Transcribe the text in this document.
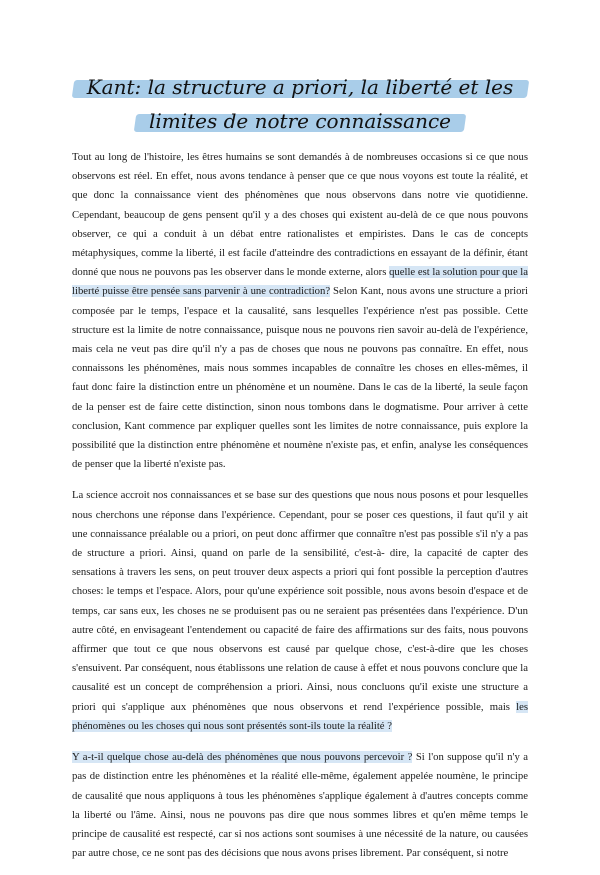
Kant: la structure a priori, la liberté et les

limites de notre connaissance

Tout au long de l'histoire, les êtres humains se sont demandés à de nombreuses occasions si ce que nous observons est réel. En effet, nous avons tendance à penser que ce que nous voyons est toute la réalité, et que donc la connaissance vient des phénomènes que nous observons dans notre vie quotidienne. Cependant, beaucoup de gens pensent qu'il y a des choses qui existent au-delà de ce que nous pouvons observer, ce qui a conduit à un débat entre rationalistes et empiristes. Dans le cas de concepts métaphysiques, comme la liberté, il est facile d'atteindre des contradictions en essayant de la définir, étant donné que nous ne pouvons pas les observer dans le monde externe, alors quelle est la solution pour que la liberté puisse être pensée sans parvenir à une contradiction? Selon Kant, nous avons une structure a priori composée par le temps, l'espace et la causalité, sans lesquelles l'expérience n'est pas possible. Cette structure est la limite de notre connaissance, puisque nous ne pouvons rien savoir au-delà de l'expérience, mais cela ne veut pas dire qu'il n'y a pas de choses que nous ne pouvons pas connaître. En effet, nous connaissons les phénomènes, mais nous sommes incapables de connaître les choses en elles-mêmes, il faut donc faire la distinction entre un phénomène et un noumène. Dans le cas de la liberté, la seule façon de la penser est de faire cette distinction, sinon nous tombons dans le dogmatisme. Pour arriver à cette conclusion, Kant commence par expliquer quelles sont les limites de notre connaissance, puis explore la possibilité que la distinction entre phénomène et noumène n'existe pas, et enfin, analyse les conséquences de penser que la liberté n'existe pas.

La science accroit nos connaissances et se base sur des questions que nous nous posons et pour lesquelles nous cherchons une réponse dans l'expérience. Cependant, pour se poser ces questions, il faut qu'il y ait une connaissance préalable ou a priori, on peut donc affirmer que connaître n'est pas possible s'il n'y a pas de structure a priori. Ainsi, quand on parle de la sensibilité, c'est-à- dire, la capacité de capter des sensations à travers les sens, on peut trouver deux aspects a priori qui font possible la perception d'autres choses: le temps et l'espace. Alors, pour qu'une expérience soit possible, nous avons besoin d'espace et de temps, car sans eux, les choses ne se produisent pas ou ne seraient pas présentées dans l'expérience. D'un autre côté, en envisageant l'entendement ou capacité de faire des affirmations sur des faits, nous pouvons affirmer que tout ce que nous observons est causé par quelque chose, c'est-à-dire que les choses s'ensuivent. Par conséquent, nous établissons une relation de cause à effet et nous pouvons conclure que la causalité est un concept de compréhension a priori. Ainsi, nous concluons qu'il existe une structure a priori qui s'applique aux phénomènes que nous observons et rend l'expérience possible, mais les phénomènes ou les choses qui nous sont présentés sont-ils toute la réalité ?

Y a-t-il quelque chose au-delà des phénomènes que nous pouvons percevoir ? Si l'on suppose qu'il n'y a pas de distinction entre les phénomènes et la réalité elle-même, également appelée noumène, le principe de causalité que nous appliquons à tous les phénomènes s'applique également à d'autres concepts comme la liberté ou l'âme. Ainsi, nous ne pouvons pas dire que nous sommes libres et qu'en même temps le principe de causalité est respecté, car si nos actions sont soumises à une nécessité de la nature, ou causées par autre chose, ce ne sont pas des décisions que nous avons prises librement. Par conséquent, si notre
